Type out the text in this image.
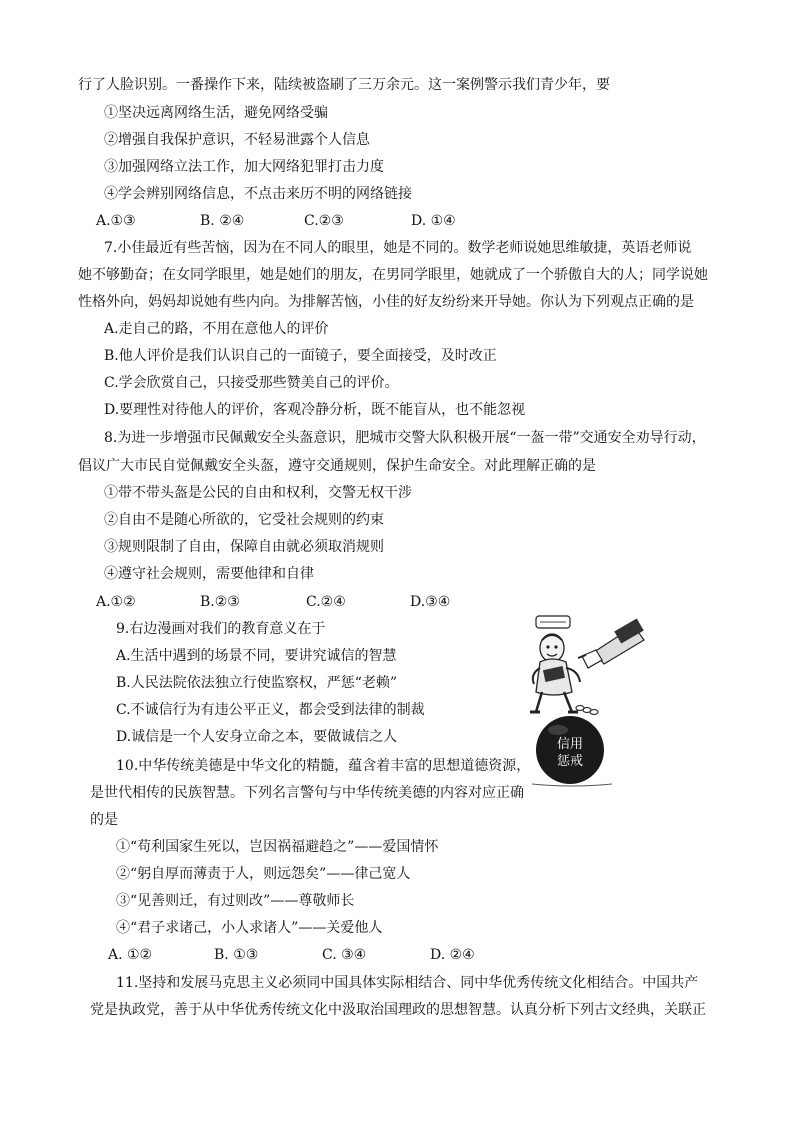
行了人脸识别。一番操作下来，陆续被盗刷了三万余元。这一案例警示我们青少年，要
①坚决远离网络生活，避免网络受骗
②增强自我保护意识，不轻易泄露个人信息
③加强网络立法工作，加大网络犯罪打击力度
④学会辨别网络信息，不点击来历不明的网络链接
A.①③	B. ②④	C.②③	D. ①④
7.小佳最近有些苦恼，因为在不同人的眼里，她是不同的。数学老师说她思维敏捷，英语老师说
她不够勤奋；在女同学眼里，她是她们的朋友，在男同学眼里，她就成了一个骄傲自大的人；同学说她
性格外向，妈妈却说她有些内向。为排解苦恼，小佳的好友纷纷来开导她。你认为下列观点正确的是
A.走自己的路，不用在意他人的评价
B.他人评价是我们认识自己的一面镜子，要全面接受，及时改正
C.学会欣赏自己，只接受那些赞美自己的评价。
D.要理性对待他人的评价，客观冷静分析，既不能盲从，也不能忽视
8.为进一步增强市民佩戴安全头盔意识，肥城市交警大队积极开展“一盔一带”交通安全劝导行动，
倡议广大市民自觉佩戴安全头盔，遵守交通规则，保护生命安全。对此理解正确的是
①带不带头盔是公民的自由和权利，交警无权干涉
②自由不是随心所欲的，它受社会规则的约束
③规则限制了自由，保障自由就必须取消规则
④遵守社会规则，需要他律和自律
A.①②	B.②③	C.②④	D.③④
9.右边漫画对我们的教育意义在于
A.生活中遇到的场景不同，要讲究诚信的智慧
B.人民法院依法独立行使监察权，严惩“老赖”
C.不诚信行为有违公平正义，都会受到法律的制裁
D.诚信是一个人安身立命之本，要做诚信之人
10.中华传统美德是中华文化的精髓，蕴含着丰富的思想道德资源，
是世代相传的民族智慧。下列名言警句与中华传统美德的内容对应正确
的是
①“苟利国家生死以，岂因祸福避趋之”——爱国情怀
②“躬自厚而薄责于人，则远怨矣”——律己宽人
③“见善则迁，有过则改”——尊敬师长
④“君子求诸己，小人求诸人”——关爱他人
A. ①②	B. ①③	C. ③④	D. ②④
11.坚持和发展马克思主义必须同中国具体实际相结合、同中华优秀传统文化相结合。中国共产
党是执政党，善于从中华优秀传统文化中汲取治国理政的思想智慧。认真分析下列古文经典，关联正
信用
惩戒
